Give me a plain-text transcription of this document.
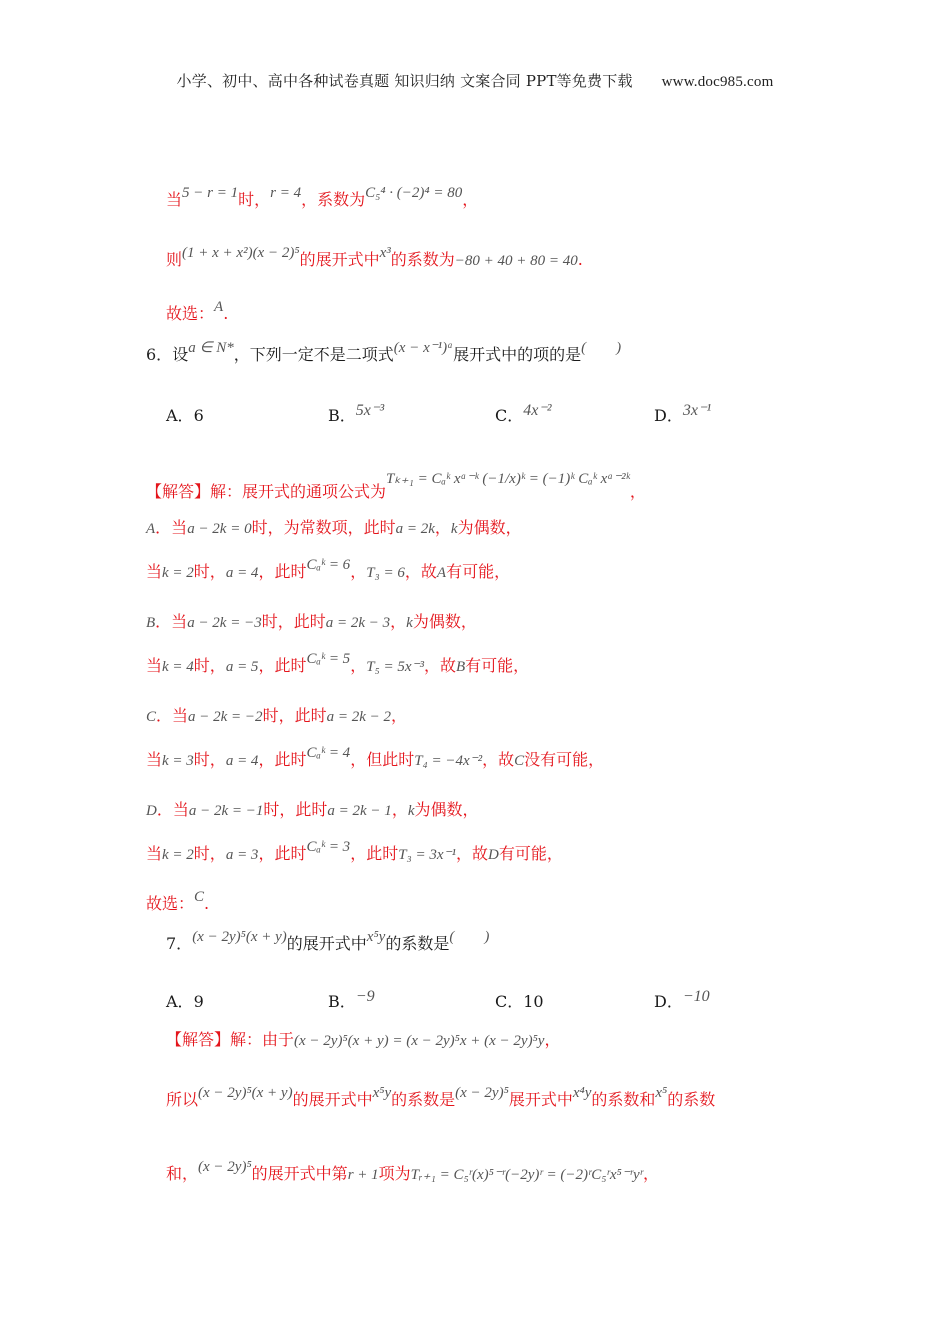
小学、初中、高中各种试卷真题 知识归纳 文案合同 PPT等免费下载 www.doc985.com
当5 − r = 1时，r = 4，系数为C₅⁴ · (−2)⁴ = 80，
则(1 + x + x²)(x − 2)⁵的展开式中x³的系数为−80 + 40 + 80 = 40.
故选：A.
6．设a ∈ N*，下列一定不是二项式(x − x⁻¹)ᵃ展开式中的项的是(　　)
A．6	B．5x⁻³	C．4x⁻²	D．3x⁻¹
【解答】解：展开式的通项公式为Tₖ₊₁ = Cₐᵏ xᵃ⁻ᵏ (−1/x)ᵏ = (−1)ᵏ Cₐᵏ xᵃ⁻²ᵏ，
A．当a − 2k = 0时，为常数项，此时a = 2k，k为偶数，
当k = 2时，a = 4，此时Cₐᵏ = 6，T₃ = 6，故A有可能，
B．当a − 2k = −3时，此时a = 2k − 3，k为偶数，
当k = 4时，a = 5，此时Cₐᵏ = 5，T₅ = 5x⁻³，故B有可能，
C．当a − 2k = −2时，此时a = 2k − 2，
当k = 3时，a = 4，此时Cₐᵏ = 4，但此时T₄ = −4x⁻²，故C没有可能，
D．当a − 2k = −1时，此时a = 2k − 1，k为偶数，
当k = 2时，a = 3，此时Cₐᵏ = 3，此时T₃ = 3x⁻¹，故D有可能，
故选：C.
7．(x − 2y)⁵(x + y)的展开式中x⁵y的系数是(　　)
A．9	B．−9	C．10	D．−10
【解答】解：由于(x − 2y)⁵(x + y) = (x − 2y)⁵x + (x − 2y)⁵y，
所以(x − 2y)⁵(x + y)的展开式中x⁵y的系数是(x − 2y)⁵展开式中x⁴y的系数和x⁵的系数
和，(x − 2y)⁵的展开式中第r + 1项为Tᵣ₊₁ = C₅ʳ(x)⁵⁻ʳ(−2y)ʳ = (−2)ʳC₅ʳx⁵⁻ʳyʳ，
